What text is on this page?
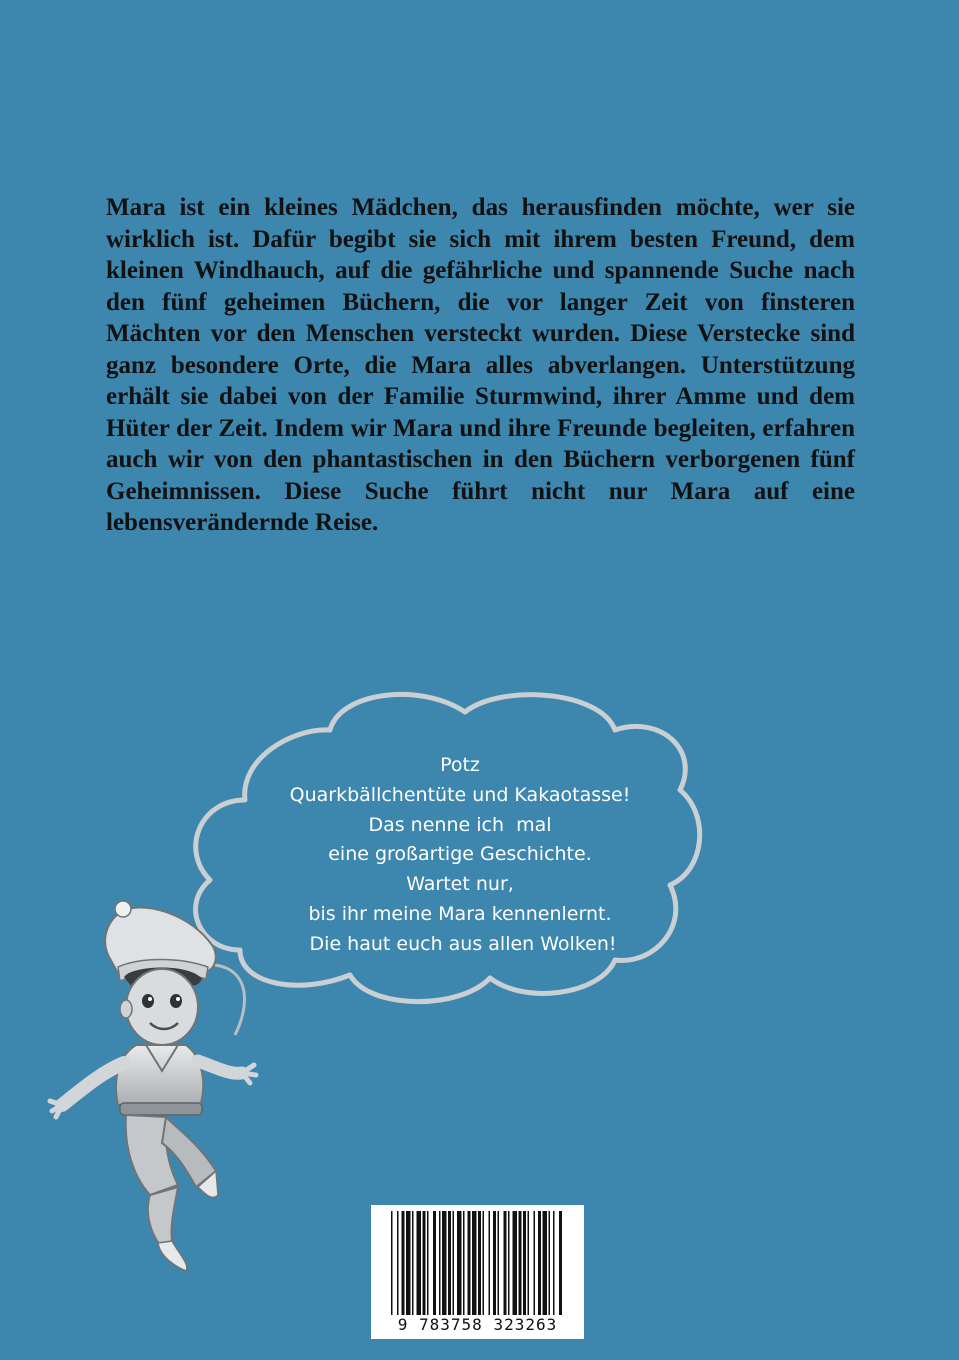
Mara ist ein kleines Mädchen, das herausfinden möchte, wer sie wirklich ist. Dafür begibt sie sich mit ihrem besten Freund, dem kleinen Windhauch, auf die gefährliche und spannende Suche nach den fünf geheimen Büchern, die vor langer Zeit von finsteren Mächten vor den Menschen versteckt wurden. Diese Verstecke sind ganz besondere Orte, die Mara alles abverlangen. Unterstützung erhält sie dabei von der Familie Sturmwind, ihrer Amme und dem Hüter der Zeit. Indem wir Mara und ihre Freunde begleiten, erfahren auch wir von den phantastischen in den Büchern verborgenen fünf Geheimnissen. Diese Suche führt nicht nur Mara auf eine lebensverändernde Reise.

Potz
Quarkbällchentüte und Kakaotasse!
Das nenne ich  mal
eine großartige Geschichte.
Wartet nur,
bis ihr meine Mara kennenlernt.
Die haut euch aus allen Wolken!
9 783758 323263
